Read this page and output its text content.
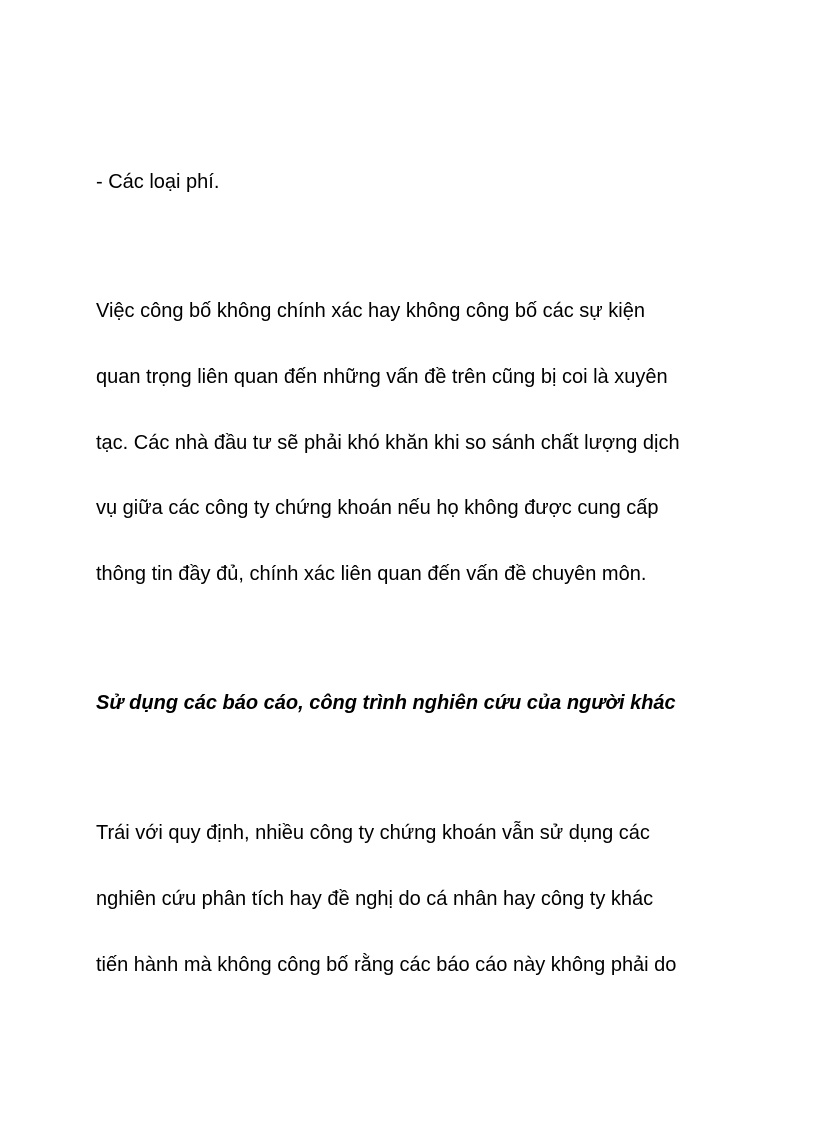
- Các loại phí.

Việc công bố không chính xác hay không công bố các sự kiện

quan trọng liên quan đến những vấn đề trên cũng bị coi là xuyên

tạc. Các nhà đầu tư sẽ phải khó khăn khi so sánh chất lượng dịch

vụ giữa các công ty chứng khoán nếu họ không được cung cấp

thông tin đầy đủ, chính xác liên quan đến vấn đề chuyên môn.

Sử dụng các báo cáo, công trình nghiên cứu của người khác

Trái với quy định, nhiều công ty chứng khoán vẫn sử dụng các

nghiên cứu phân tích hay đề nghị do cá nhân hay công ty khác

tiến hành mà không công bố rằng các báo cáo này không phải do
